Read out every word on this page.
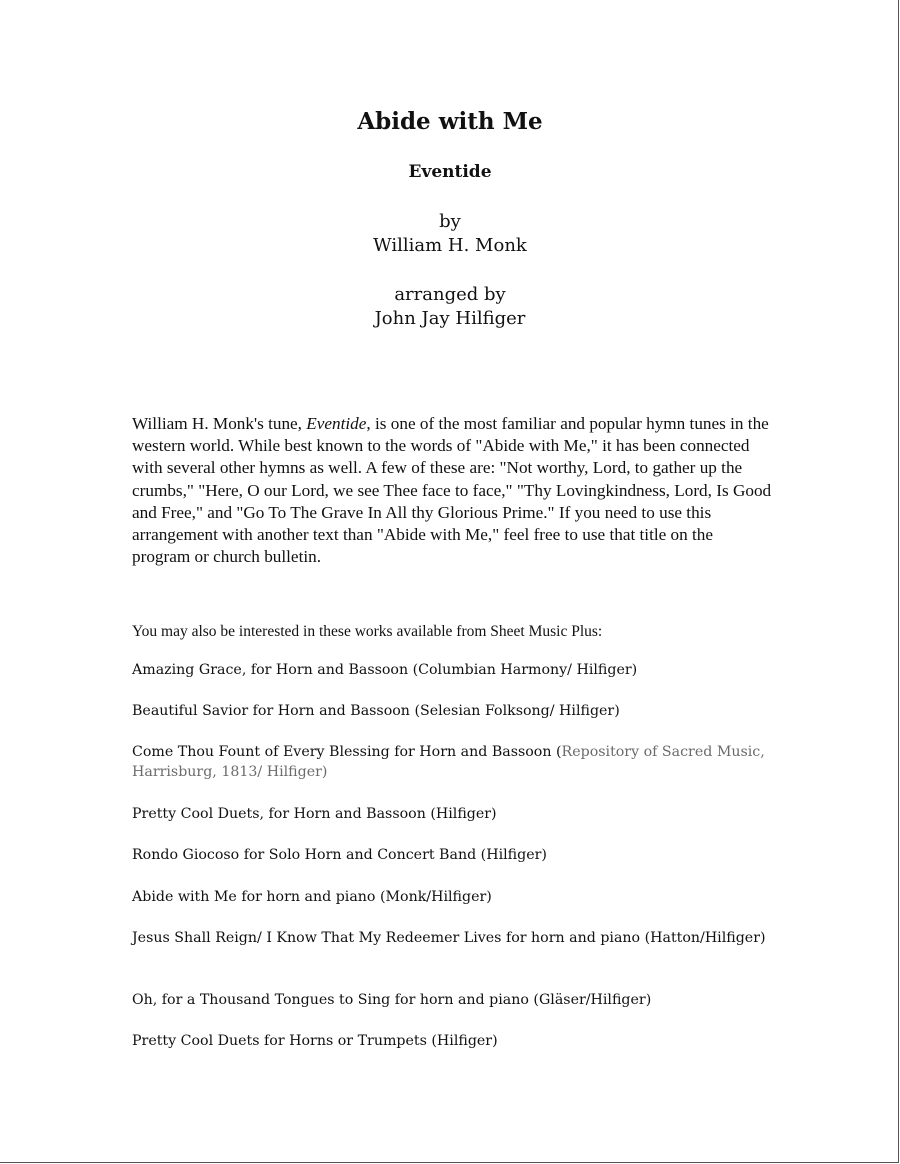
Abide with Me
Eventide
by
William H. Monk
arranged by
John Jay Hilfiger

William H. Monk's tune, Eventide, is one of the most familiar and popular hymn tunes in the western world. While best known to the words of "Abide with Me," it has been connected with several other hymns as well. A few of these are: "Not worthy, Lord, to gather up the crumbs," "Here, O our Lord, we see Thee face to face," "Thy Lovingkindness, Lord, Is Good and Free," and "Go To The Grave In All thy Glorious Prime." If you need to use this arrangement with another text than "Abide with Me," feel free to use that title on the program or church bulletin.

You may also be interested in these works available from Sheet Music Plus:

Amazing Grace, for Horn and Bassoon (Columbian Harmony/ Hilfiger)
Beautiful Savior for Horn and Bassoon (Selesian Folksong/ Hilfiger)
Come Thou Fount of Every Blessing for Horn and Bassoon (Repository of Sacred Music, Harrisburg, 1813/ Hilfiger)
Pretty Cool Duets, for Horn and Bassoon (Hilfiger)
Rondo Giocoso for Solo Horn and Concert Band (Hilfiger)
Abide with Me for horn and piano (Monk/Hilfiger)
Jesus Shall Reign/ I Know That My Redeemer Lives for horn and piano (Hatton/Hilfiger)
Oh, for a Thousand Tongues to Sing for horn and piano (Gläser/Hilfiger)
Pretty Cool Duets for Horns or Trumpets (Hilfiger)
